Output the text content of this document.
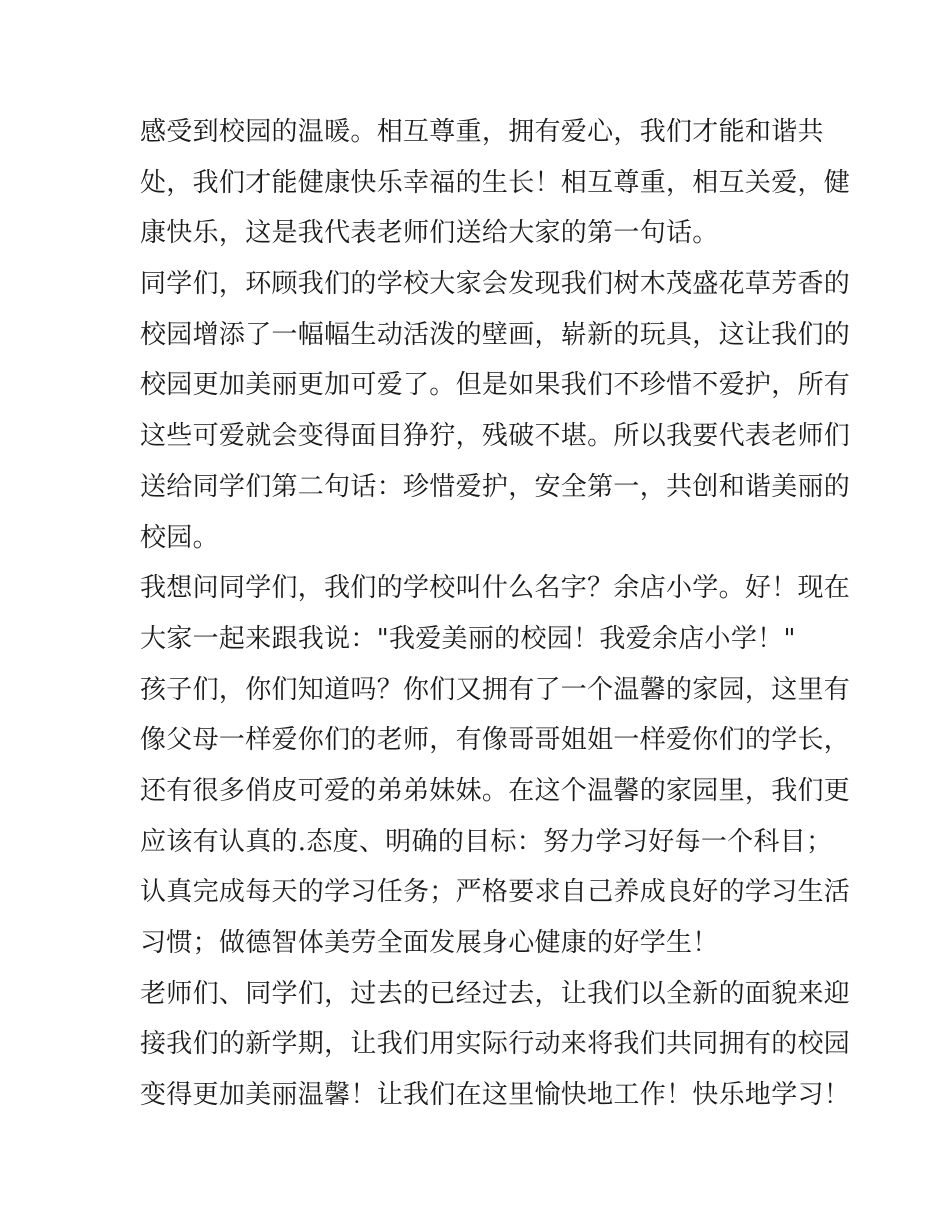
感受到校园的温暖。相互尊重，拥有爱心，我们才能和谐共
处，我们才能健康快乐幸福的生长！相互尊重，相互关爱，健
康快乐，这是我代表老师们送给大家的第一句话。
同学们，环顾我们的学校大家会发现我们树木茂盛花草芳香的
校园增添了一幅幅生动活泼的壁画，崭新的玩具，这让我们的
校园更加美丽更加可爱了。但是如果我们不珍惜不爱护，所有
这些可爱就会变得面目狰狞，残破不堪。所以我要代表老师们
送给同学们第二句话：珍惜爱护，安全第一，共创和谐美丽的
校园。
我想问同学们，我们的学校叫什么名字？余店小学。好！现在
大家一起来跟我说："我爱美丽的校园！我爱余店小学！"
孩子们，你们知道吗？你们又拥有了一个温馨的家园，这里有
像父母一样爱你们的老师，有像哥哥姐姐一样爱你们的学长，
还有很多俏皮可爱的弟弟妹妹。在这个温馨的家园里，我们更
应该有认真的.态度、明确的目标：努力学习好每一个科目；
认真完成每天的学习任务；严格要求自己养成良好的学习生活
习惯；做德智体美劳全面发展身心健康的好学生！
老师们、同学们，过去的已经过去，让我们以全新的面貌来迎
接我们的新学期，让我们用实际行动来将我们共同拥有的校园
变得更加美丽温馨！让我们在这里愉快地工作！快乐地学习！
